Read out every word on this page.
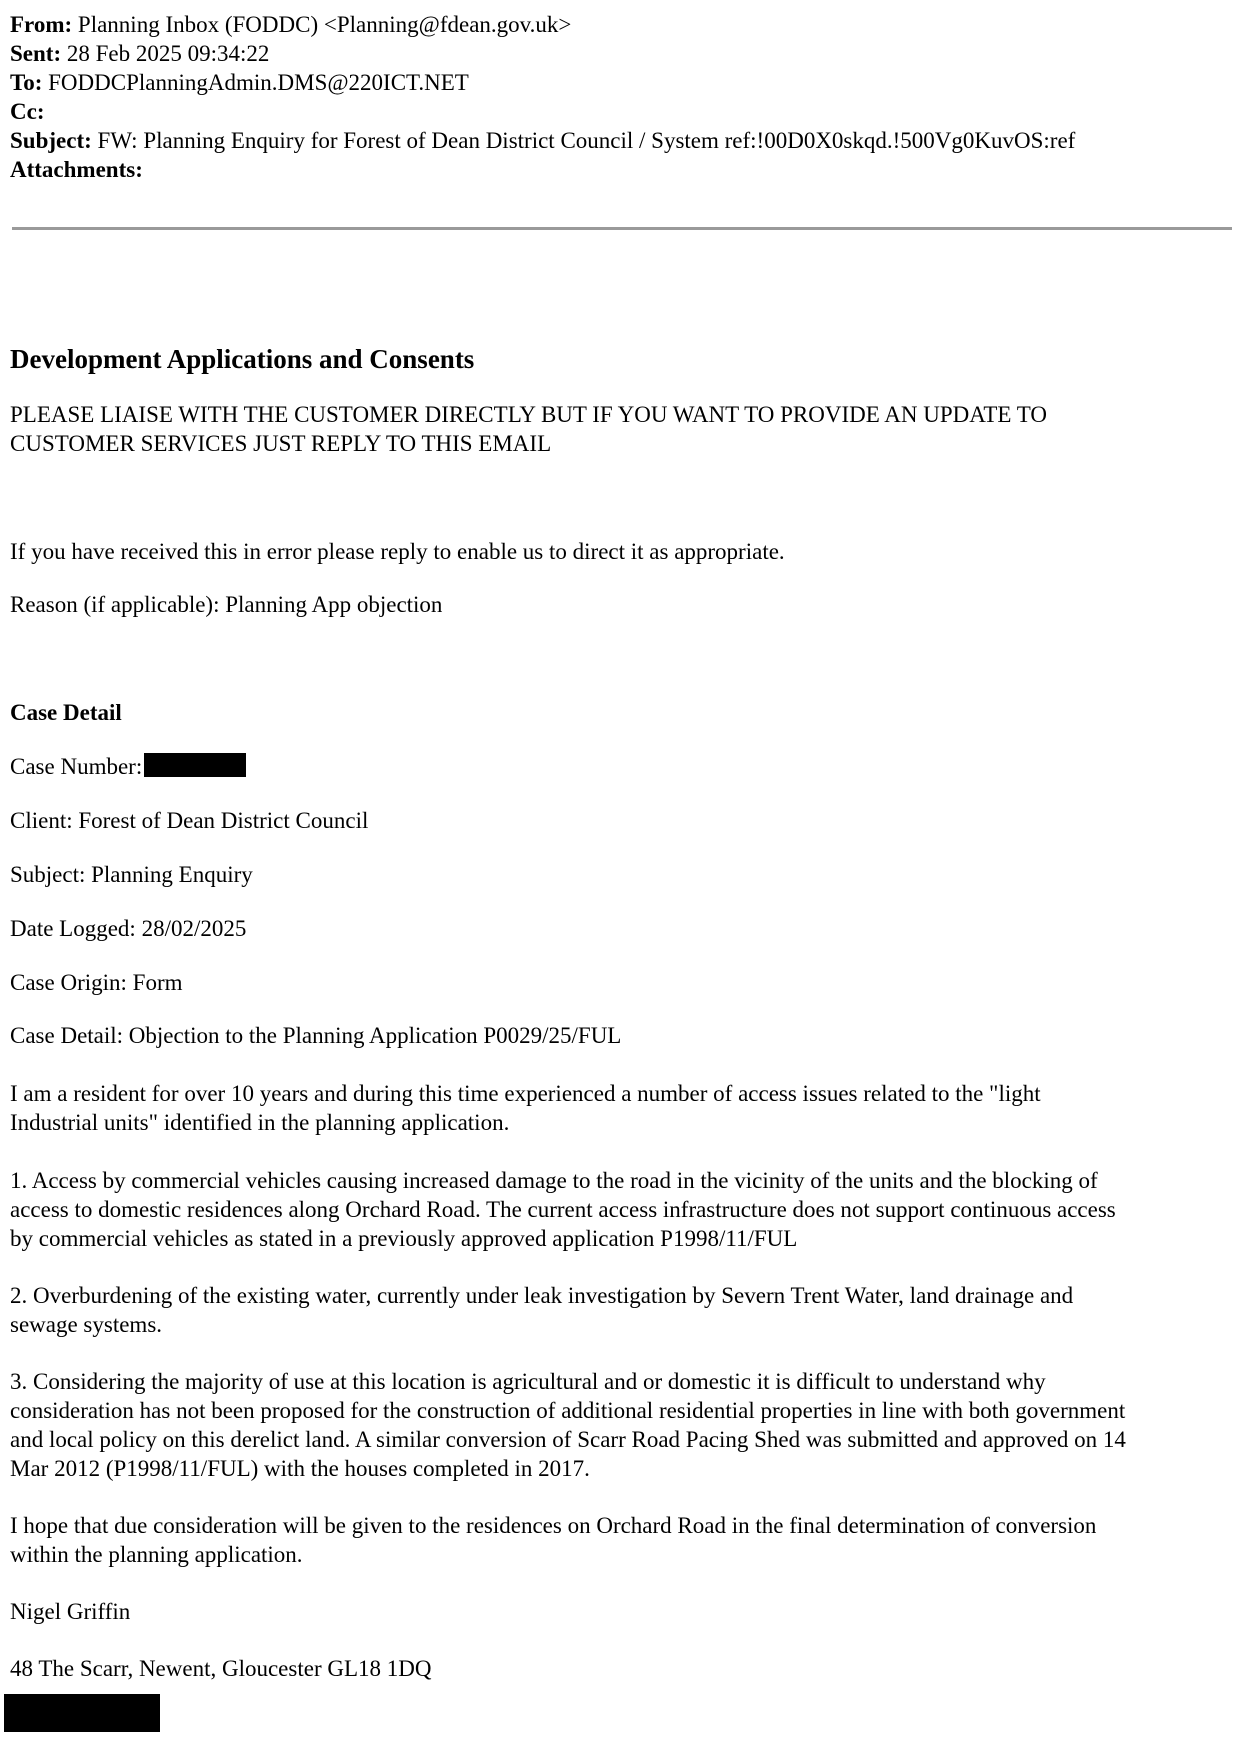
From: Planning Inbox (FODDC) <Planning@fdean.gov.uk>
Sent: 28 Feb 2025 09:34:22
To: FODDCPlanningAdmin.DMS@220ICT.NET
Cc:
Subject: FW: Planning Enquiry for Forest of Dean District Council / System ref:!00D0X0skqd.!500Vg0KuvOS:ref
Attachments:
Development Applications and Consents

PLEASE LIAISE WITH THE CUSTOMER DIRECTLY BUT IF YOU WANT TO PROVIDE AN UPDATE TO

CUSTOMER SERVICES JUST REPLY TO THIS EMAIL

If you have received this in error please reply to enable us to direct it as appropriate.

Reason (if applicable): Planning App objection

Case Detail

Case Number:

Client: Forest of Dean District Council

Subject: Planning Enquiry

Date Logged: 28/02/2025

Case Origin: Form

Case Detail: Objection to the Planning Application P0029/25/FUL

I am a resident for over 10 years and during this time experienced a number of access issues related to the "light

Industrial units" identified in the planning application.

1. Access by commercial vehicles causing increased damage to the road in the vicinity of the units and the blocking of

access to domestic residences along Orchard Road. The current access infrastructure does not support continuous access

by commercial vehicles as stated in a previously approved application P1998/11/FUL

2. Overburdening of the existing water, currently under leak investigation by Severn Trent Water, land drainage and

sewage systems.

3. Considering the majority of use at this location is agricultural and or domestic it is difficult to understand why

consideration has not been proposed for the construction of additional residential properties in line with both government

and local policy on this derelict land. A similar conversion of Scarr Road Pacing Shed was submitted and approved on 14

Mar 2012 (P1998/11/FUL) with the houses completed in 2017.

I hope that due consideration will be given to the residences on Orchard Road in the final determination of conversion

within the planning application.

Nigel Griffin

48 The Scarr, Newent, Gloucester GL18 1DQ
